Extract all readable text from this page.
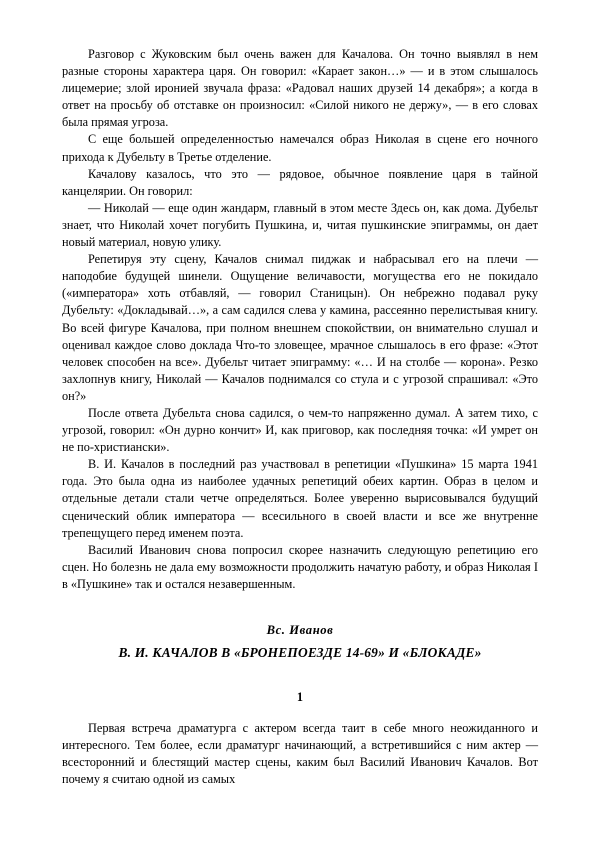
Разговор с Жуковским был очень важен для Качалова. Он точно выявлял в нем разные стороны характера царя. Он говорил: «Карает закон…» — и в этом слышалось лицемерие; злой иронией звучала фраза: «Радовал наших друзей 14 декабря»; а когда в ответ на просьбу об отставке он произносил: «Силой никого не держу», — в его словах была прямая угроза.

С еще большей определенностью намечался образ Николая в сцене его ночного прихода к Дубельту в Третье отделение.

Качалову казалось, что это — рядовое, обычное появление царя в тайной канцелярии. Он говорил:

— Николай — еще один жандарм, главный в этом месте Здесь он, как дома. Дубельт знает, что Николай хочет погубить Пушкина, и, читая пушкинские эпиграммы, он дает новый материал, новую улику.

Репетируя эту сцену, Качалов снимал пиджак и набрасывал его на плечи — наподобие будущей шинели. Ощущение величавости, могущества его не покидало («императора» хоть отбавляй, — говорил Станицын). Он небрежно подавал руку Дубельту: «Докладывай…», а сам садился слева у камина, рассеянно перелистывая книгу. Во всей фигуре Качалова, при полном внешнем спокойствии, он внимательно слушал и оценивал каждое слово доклада Что-то зловещее, мрачное слышалось в его фразе: «Этот человек способен на все». Дубельт читает эпиграмму: «… И на столбе — корона». Резко захлопнув книгу, Николай — Качалов поднимался со стула и с угрозой спрашивал: «Это он?»

После ответа Дубельта снова садился, о чем-то напряженно думал. А затем тихо, с угрозой, говорил: «Он дурно кончит» И, как приговор, как последняя точка: «И умрет он не по-христиански».

В. И. Качалов в последний раз участвовал в репетиции «Пушкина» 15 марта 1941 года. Это была одна из наиболее удачных репетиций обеих картин. Образ в целом и отдельные детали стали четче определяться. Более уверенно вырисовывался будущий сценический облик императора — всесильного в своей власти и все же внутренне трепещущего перед именем поэта.

Василий Иванович снова попросил скорее назначить следующую репетицию его сцен. Но болезнь не дала ему возможности продолжить начатую работу, и образ Николая I в «Пушкине» так и остался незавершенным.

Вс. Иванов
В. И. КАЧАЛОВ В «БРОНЕПОЕЗДЕ 14-69» И «БЛОКАДЕ»
1

Первая встреча драматурга с актером всегда таит в себе много неожиданного и интересного. Тем более, если драматург начинающий, а встретившийся с ним актер — всесторонний и блестящий мастер сцены, каким был Василий Иванович Качалов. Вот почему я считаю одной из самых
